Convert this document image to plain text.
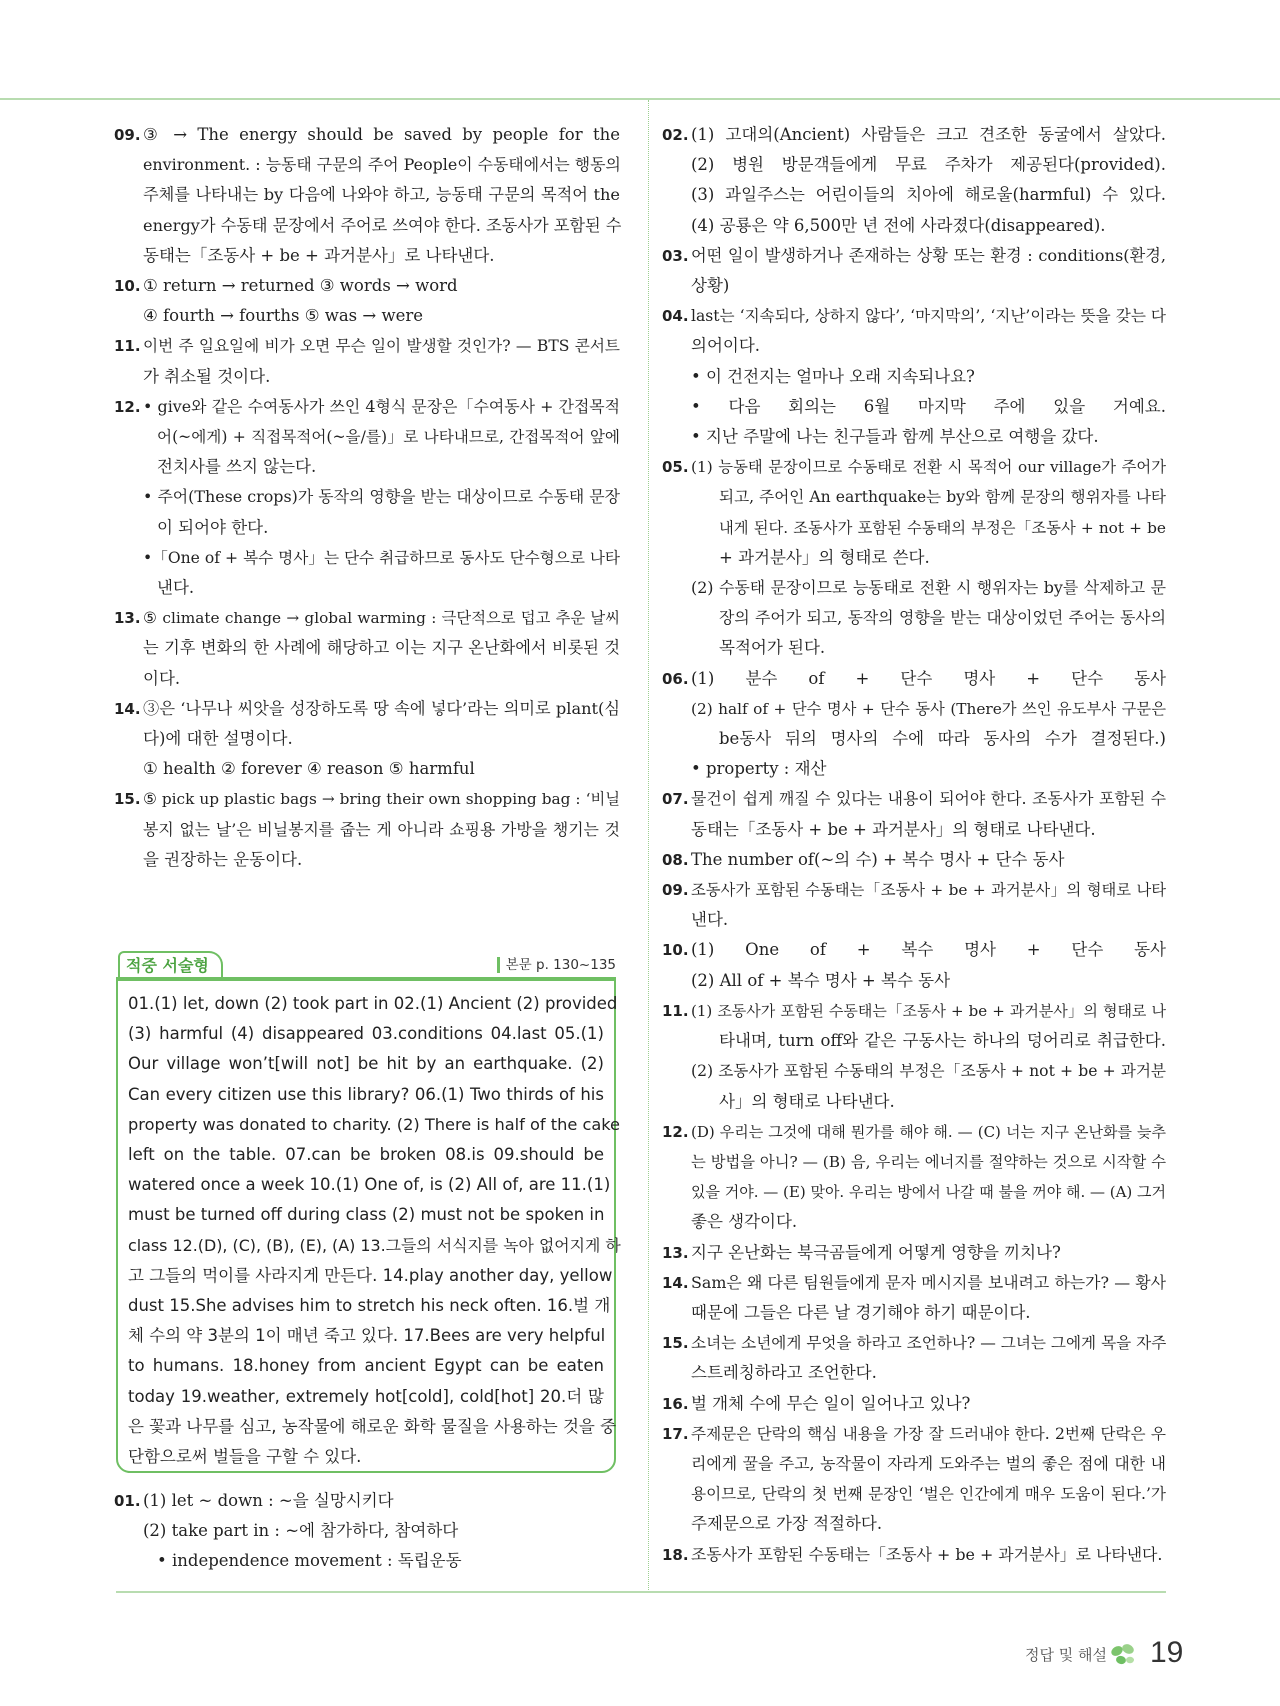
09. ③ → The energy should be saved by people for the
environment. : 능동태 구문의 주어 People이 수동태에서는 행동의
주체를 나타내는 by 다음에 나와야 하고, 능동태 구문의 목적어 the
energy가 수동태 문장에서 주어로 쓰여야 한다. 조동사가 포함된 수
동태는「조동사 + be + 과거분사」로 나타낸다.
10. ① return → returned ③ words → word
④ fourth → fourths ⑤ was → were
11. 이번 주 일요일에 비가 오면 무슨 일이 발생할 것인가? — BTS 콘서트
가 취소될 것이다.
12. • give와 같은 수여동사가 쓰인 4형식 문장은「수여동사 + 간접목적
어(~에게) + 직접목적어(~을/를)」로 나타내므로, 간접목적어 앞에
전치사를 쓰지 않는다.
• 주어(These crops)가 동작의 영향을 받는 대상이므로 수동태 문장
이 되어야 한다.
•「One of + 복수 명사」는 단수 취급하므로 동사도 단수형으로 나타
낸다.
13. ⑤ climate change → global warming : 극단적으로 덥고 추운 날씨
는 기후 변화의 한 사례에 해당하고 이는 지구 온난화에서 비롯된 것
이다.
14. ③은 ‘나무나 씨앗을 성장하도록 땅 속에 넣다’라는 의미로 plant(심
다)에 대한 설명이다.
① health ② forever ④ reason ⑤ harmful
15. ⑤ pick up plastic bags → bring their own shopping bag : ‘비닐
봉지 없는 날’은 비닐봉지를 줍는 게 아니라 쇼핑용 가방을 챙기는 것
을 권장하는 운동이다.
적중 서술형	본문 p. 130~135
01.(1) let, down (2) took part in 02.(1) Ancient (2) provided
(3) harmful (4) disappeared 03.conditions 04.last 05.(1)
Our village won’t[will not] be hit by an earthquake. (2)
Can every citizen use this library? 06.(1) Two thirds of his
property was donated to charity. (2) There is half of the cake
left on the table. 07.can be broken 08.is 09.should be
watered once a week 10.(1) One of, is (2) All of, are 11.(1)
must be turned off during class (2) must not be spoken in
class 12.(D), (C), (B), (E), (A) 13.그들의 서식지를 녹아 없어지게 하
고 그들의 먹이를 사라지게 만든다. 14.play another day, yellow
dust 15.She advises him to stretch his neck often. 16.벌 개
체 수의 약 3분의 1이 매년 죽고 있다. 17.Bees are very helpful
to humans. 18.honey from ancient Egypt can be eaten
today 19.weather, extremely hot[cold], cold[hot] 20.더 많
은 꽃과 나무를 심고, 농작물에 해로운 화학 물질을 사용하는 것을 중
단함으로써 벌들을 구할 수 있다.
01. (1) let ~ down : ~을 실망시키다
(2) take part in : ~에 참가하다, 참여하다
• independence movement : 독립운동
02. (1) 고대의(Ancient) 사람들은 크고 견조한 동굴에서 살았다.
(2) 병원 방문객들에게 무료 주차가 제공된다(provided).
(3) 과일주스는 어린이들의 치아에 해로울(harmful) 수 있다.
(4) 공룡은 약 6,500만 년 전에 사라졌다(disappeared).
03. 어떤 일이 발생하거나 존재하는 상황 또는 환경 : conditions(환경,
상황)
04. last는 ‘지속되다, 상하지 않다’, ‘마지막의’, ‘지난’이라는 뜻을 갖는 다
의어이다.
• 이 건전지는 얼마나 오래 지속되나요?
• 다음 회의는 6월 마지막 주에 있을 거예요.
• 지난 주말에 나는 친구들과 함께 부산으로 여행을 갔다.
05. (1) 능동태 문장이므로 수동태로 전환 시 목적어 our village가 주어가
되고, 주어인 An earthquake는 by와 함께 문장의 행위자를 나타
내게 된다. 조동사가 포함된 수동태의 부정은「조동사 + not + be
+ 과거분사」의 형태로 쓴다.
(2) 수동태 문장이므로 능동태로 전환 시 행위자는 by를 삭제하고 문
장의 주어가 되고, 동작의 영향을 받는 대상이었던 주어는 동사의
목적어가 된다.
06. (1) 분수 of + 단수 명사 + 단수 동사
(2) half of + 단수 명사 + 단수 동사 (There가 쓰인 유도부사 구문은
be동사 뒤의 명사의 수에 따라 동사의 수가 결정된다.)
• property : 재산
07. 물건이 쉽게 깨질 수 있다는 내용이 되어야 한다. 조동사가 포함된 수
동태는「조동사 + be + 과거분사」의 형태로 나타낸다.
08. The number of(~의 수) + 복수 명사 + 단수 동사
09. 조동사가 포함된 수동태는「조동사 + be + 과거분사」의 형태로 나타
낸다.
10. (1) One of + 복수 명사 + 단수 동사
(2) All of + 복수 명사 + 복수 동사
11. (1) 조동사가 포함된 수동태는「조동사 + be + 과거분사」의 형태로 나
타내며, turn off와 같은 구동사는 하나의 덩어리로 취급한다.
(2) 조동사가 포함된 수동태의 부정은「조동사 + not + be + 과거분
사」의 형태로 나타낸다.
12. (D) 우리는 그것에 대해 뭔가를 해야 해. — (C) 너는 지구 온난화를 늦추
는 방법을 아니? — (B) 음, 우리는 에너지를 절약하는 것으로 시작할 수
있을 거야. — (E) 맞아. 우리는 방에서 나갈 때 불을 꺼야 해. — (A) 그거
좋은 생각이다.
13. 지구 온난화는 북극곰들에게 어떻게 영향을 끼치나?
14. Sam은 왜 다른 팀원들에게 문자 메시지를 보내려고 하는가? — 황사
때문에 그들은 다른 날 경기해야 하기 때문이다.
15. 소녀는 소년에게 무엇을 하라고 조언하나? — 그녀는 그에게 목을 자주
스트레칭하라고 조언한다.
16. 벌 개체 수에 무슨 일이 일어나고 있나?
17. 주제문은 단락의 핵심 내용을 가장 잘 드러내야 한다. 2번째 단락은 우
리에게 꿀을 주고, 농작물이 자라게 도와주는 벌의 좋은 점에 대한 내
용이므로, 단락의 첫 번째 문장인 ‘벌은 인간에게 매우 도움이 된다.’가
주제문으로 가장 적절하다.
18. 조동사가 포함된 수동태는「조동사 + be + 과거분사」로 나타낸다.
정답 및 해설 19
